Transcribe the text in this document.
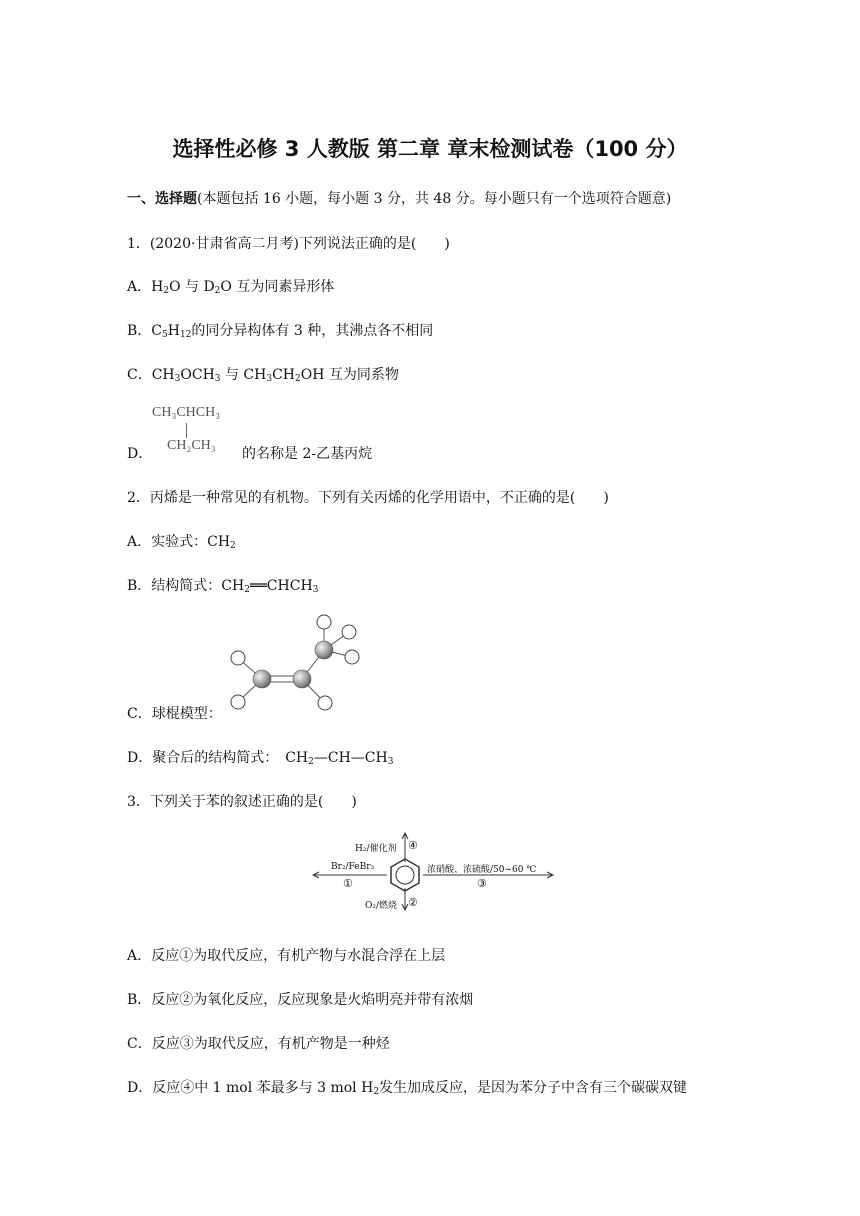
选择性必修 3 人教版 第二章 章末检测试卷（100 分）
一、选择题(本题包括 16 小题，每小题 3 分，共 48 分。每小题只有一个选项符合题意)
1．(2020·甘肃省高二月考)下列说法正确的是(　　)
A．$H_2O$ 与 $D_2O$ 互为同素异形体
B．$C_5H_{12}$的同分异构体有 3 种，其沸点各不相同
C．$CH_3OCH_3$ 与 $CH_3CH_2OH$ 互为同系物
CH₃CHCH₃
CH₂CH₃
D．	的名称是 2-乙基丙烷
2．丙烯是一种常见的有机物。下列有关丙烯的化学用语中，不正确的是(　　)
A．实验式：$CH_2$
B．结构简式：$CH_2══CHCH_3$
C．球棍模型：
D．聚合后的结构简式：　$CH_2—CH—CH_3$
3．下列关于苯的叙述正确的是(　　)
H₂/催化剂 ④
Br₂/FeBr₃
①
浓硝酸、浓硫酸/50~60 ℃
③
O₂/燃烧 ②
A．反应①为取代反应，有机产物与水混合浮在上层
B．反应②为氧化反应，反应现象是火焰明亮并带有浓烟
C．反应③为取代反应，有机产物是一种烃
D．反应④中 1 mol 苯最多与 3 mol $H_2$发生加成反应，是因为苯分子中含有三个碳碳双键
